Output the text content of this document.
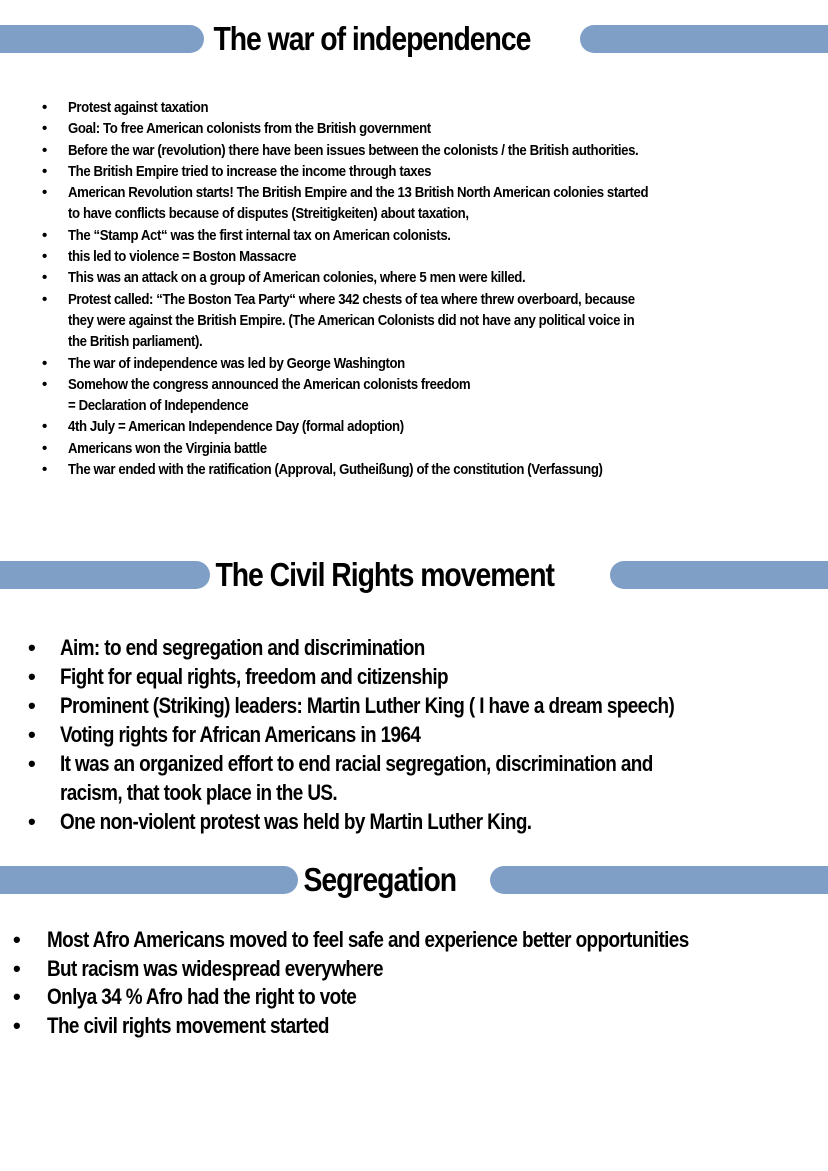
The war of independence
• Protest against taxation
• Goal: To free American colonists from the British government
• Before the war (revolution) there have been issues between the colonists / the British authorities.
• The British Empire tried to increase the income through taxes
• American Revolution starts! The British Empire and the 13 British North American colonies started
to have conflicts because of disputes (Streitigkeiten) about taxation,
• The “Stamp Act“ was the first internal tax on American colonists.
• this led to violence = Boston Massacre
• This was an attack on a group of American colonies, where 5 men were killed.
• Protest called: “The Boston Tea Party“ where 342 chests of tea where threw overboard, because
they were against the British Empire. (The American Colonists did not have any political voice in
the British parliament).
• The war of independence was led by George Washington
• Somehow the congress announced the American colonists freedom
= Declaration of Independence
• 4th July = American Independence Day (formal adoption)
• Americans won the Virginia battle
• The war ended with the ratification (Approval, Gutheißung) of the constitution (Verfassung)
The Civil Rights movement
• Aim: to end segregation and discrimination
• Fight for equal rights, freedom and citizenship
• Prominent (Striking) leaders: Martin Luther King ( I have a dream speech)
• Voting rights for African Americans in 1964
• It was an organized effort to end racial segregation, discrimination and
racism, that took place in the US.
• One non-violent protest was held by Martin Luther King.
Segregation
• Most Afro Americans moved to feel safe and experience better opportunities
• But racism was widespread everywhere
• Onlya 34 % Afro had the right to vote
• The civil rights movement started
